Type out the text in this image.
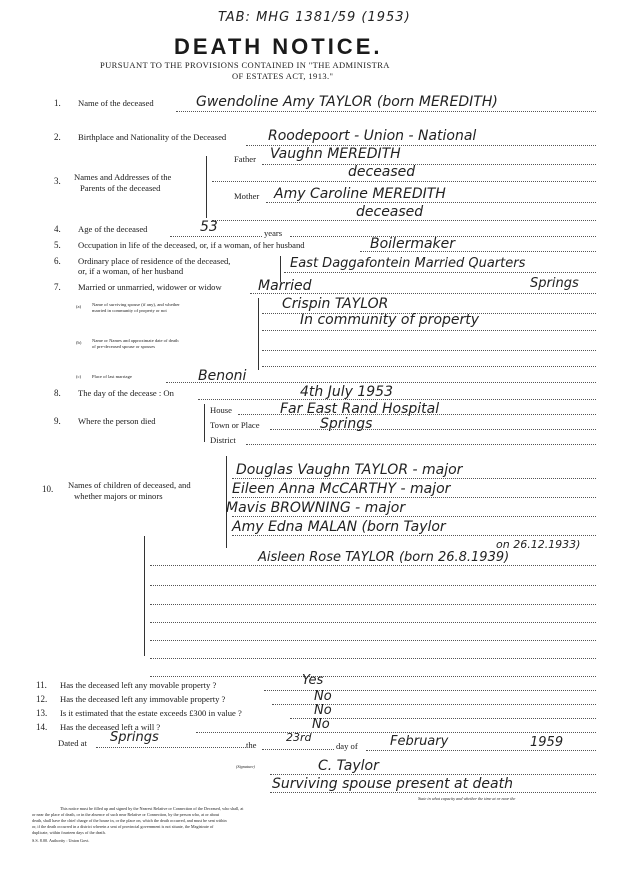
TAB: MHG 1381/59 (1953)
DEATH NOTICE.
PURSUANT TO THE PROVISIONS CONTAINED IN "THE ADMINISTRA
OF ESTATES ACT, 1913."
1. Name of the deceased	Gwendoline Amy TAYLOR (born MEREDITH)
2. Birthplace and Nationality of the Deceased	Roodepoort - Union - National
3. Names and Addresses of the
Parents of the deceased
Father Vaughn MEREDITH
deceased
Mother Amy Caroline MEREDITH
deceased
4. Age of the deceased	53	years
5. Occupation in life of the deceased, or, if a woman, of her husband	Boilermaker
6. Ordinary place of residence of the deceased,
or, if a woman, of her husband	East Daggafontein Married Quarters
Springs
7. Married or unmarried, widower or widow	Married
(a) Name of surviving spouse (if any), and whether
married in community of property or not	Crispin TAYLOR
In community of property
(b) Name or Names and approximate date of death
of pre-deceased spouse or spouses
(c) Place of last marriage	Benoni
8. The day of the decease : On	4th July 1953
9. Where the person died
House	Far East Rand Hospital
Town or Place	Springs
District
10. Names of children of deceased, and
whether majors or minors
Douglas Vaughn TAYLOR - major
Eileen Anna McCARTHY - major
Mavis BROWNING - major
Amy Edna MALAN (born Taylor
on 26.12.1933)
Aisleen Rose TAYLOR (born 26.8.1939)
11. Has the deceased left any movable property ?	Yes
12. Has the deceased left any immovable property ?	No
13. Is it estimated that the estate exceeds £300 in value ?	No
14. Has the deceased left a will ?	No
Dated at Springs	the
23rd
day of February	1959
(Signature)	C. Taylor
Surviving spouse present at death
State in what capacity and whether the time at or near the
This notice must be filled up and signed by the Nearest Relative or Connection of the Deceased, who shall, at
or near the place of death, or in the absence of such near Relative or Connection, by the person who, at or about
death, shall have the chief charge of the house in, or the place on, which the death occurred, and must be sent within
or, if the death occurred in a district wherein a seat of provincial government is not situate, the Magistrate of
duplicate, within fourteen days of the death.
S.S. 8.00. Authority : Union Govt.
